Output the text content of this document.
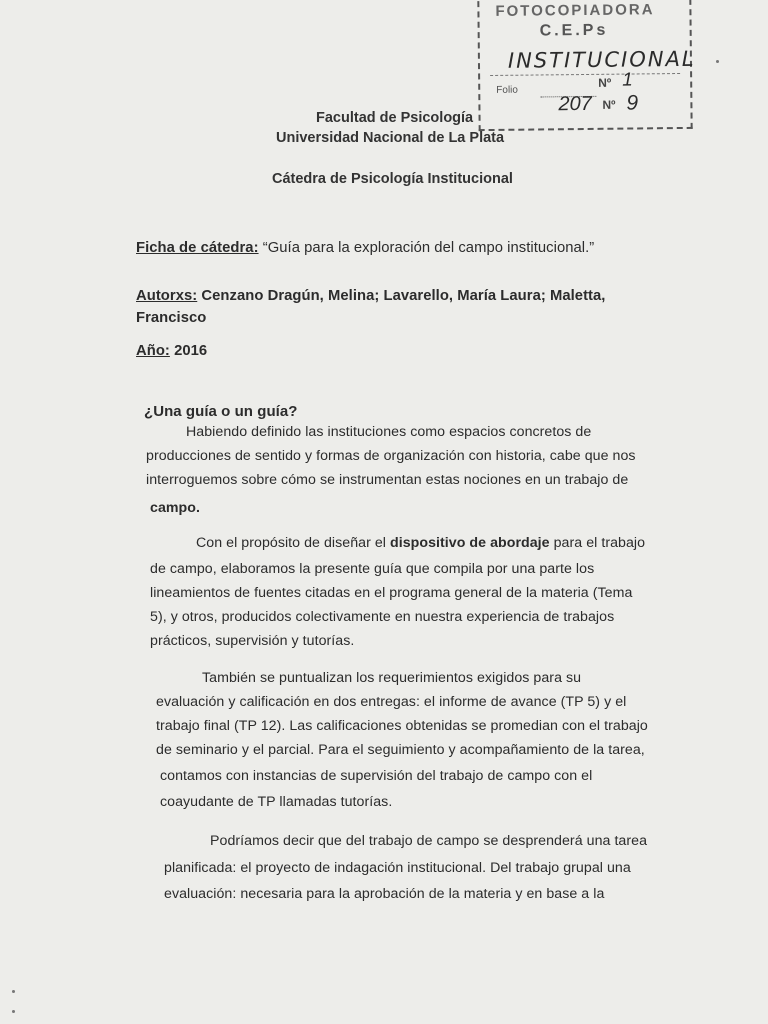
FOTOCOPIADORA
C.E.Ps
INSTITUCIONAL
Folio
207
Nº 1
Nº 9
Facultad de Psicología
Universidad Nacional de La Plata
Cátedra de Psicología Institucional
Ficha de cátedra: “Guía para la exploración del campo institucional.”
Autorxs: Cenzano Dragún, Melina; Lavarello, María Laura; Maletta,
Francisco
Año: 2016
¿Una guía o un guía?
Habiendo definido las instituciones como espacios concretos de
producciones de sentido y formas de organización con historia, cabe que nos
interroguemos sobre cómo se instrumentan estas nociones en un trabajo de
campo.
Con el propósito de diseñar el dispositivo de abordaje para el trabajo
de campo, elaboramos la presente guía que compila por una parte los
lineamientos de fuentes citadas en el programa general de la materia (Tema
5), y otros, producidos colectivamente en nuestra experiencia de trabajos
prácticos, supervisión y tutorías.
También se puntualizan los requerimientos exigidos para su
evaluación y calificación en dos entregas: el informe de avance (TP 5) y el
trabajo final (TP 12). Las calificaciones obtenidas se promedian con el trabajo
de seminario y el parcial. Para el seguimiento y acompañamiento de la tarea,
contamos con instancias de supervisión del trabajo de campo con el
coayudante de TP llamadas tutorías.
Podríamos decir que del trabajo de campo se desprenderá una tarea
planificada: el proyecto de indagación institucional. Del trabajo grupal una
evaluación: necesaria para la aprobación de la materia y en base a la
